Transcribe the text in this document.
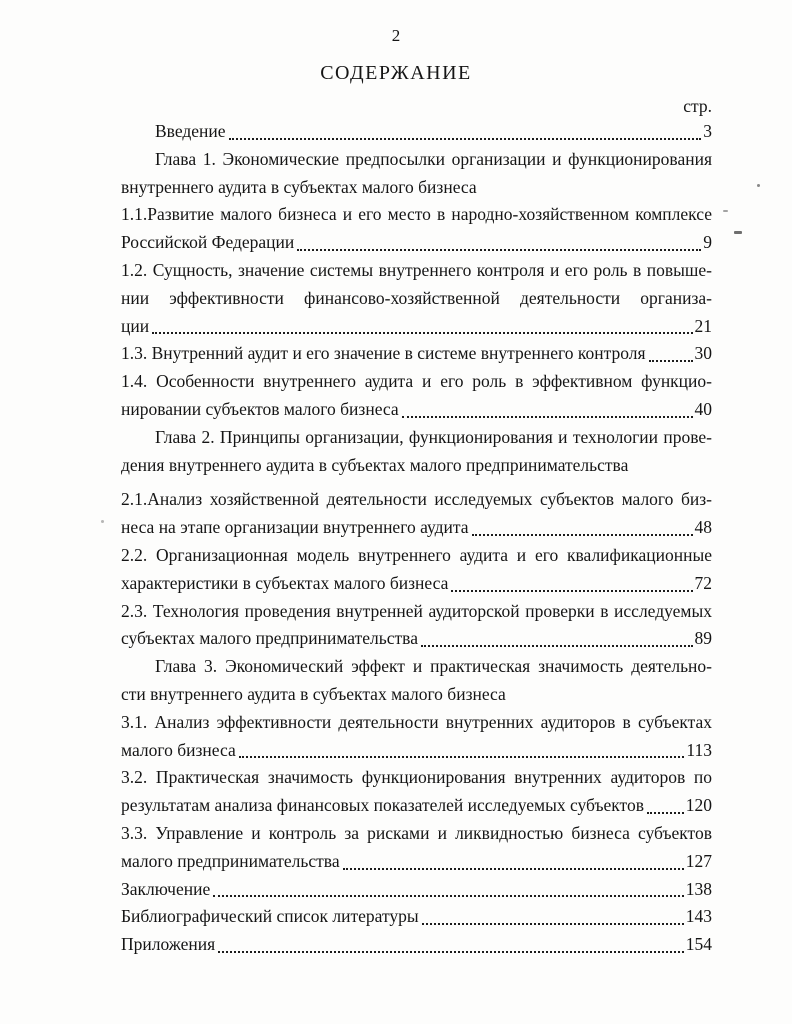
2
СОДЕРЖАНИЕ
стр.
Введение	3
Глава 1. Экономические предпосылки организации и функционирования
внутреннего аудита в субъектах малого бизнеса
1.1.Развитие малого бизнеса и его место в народно-хозяйственном комплексе
Российской Федерации	9
1.2. Сущность, значение системы внутреннего контроля и его роль в повыше-
нии эффективности финансово-хозяйственной деятельности организа-
ции	21
1.3. Внутренний аудит и его значение в системе внутреннего контроля	30
1.4. Особенности внутреннего аудита и его роль в эффективном функцио-
нировании субъектов малого бизнеса	40
Глава 2. Принципы организации, функционирования и технологии прове-
дения внутреннего аудита в субъектах малого предпринимательства
2.1.Анализ хозяйственной деятельности исследуемых субъектов малого биз-
неса на этапе организации внутреннего аудита	48
2.2. Организационная модель внутреннего аудита и его квалификационные
характеристики в субъектах малого бизнеса	72
2.3. Технология проведения внутренней аудиторской проверки в исследуемых
субъектах малого предпринимательства	89
Глава 3. Экономический эффект и практическая значимость деятельно-
сти внутреннего аудита в субъектах малого бизнеса
3.1. Анализ эффективности деятельности внутренних аудиторов в субъектах
малого бизнеса	113
3.2. Практическая значимость функционирования внутренних аудиторов по
результатам анализа финансовых показателей исследуемых субъектов 120
3.3. Управление и контроль за рисками и ликвидностью бизнеса субъектов
малого предпринимательства	127
Заключение	138
Библиографический список литературы	143
Приложения	154
